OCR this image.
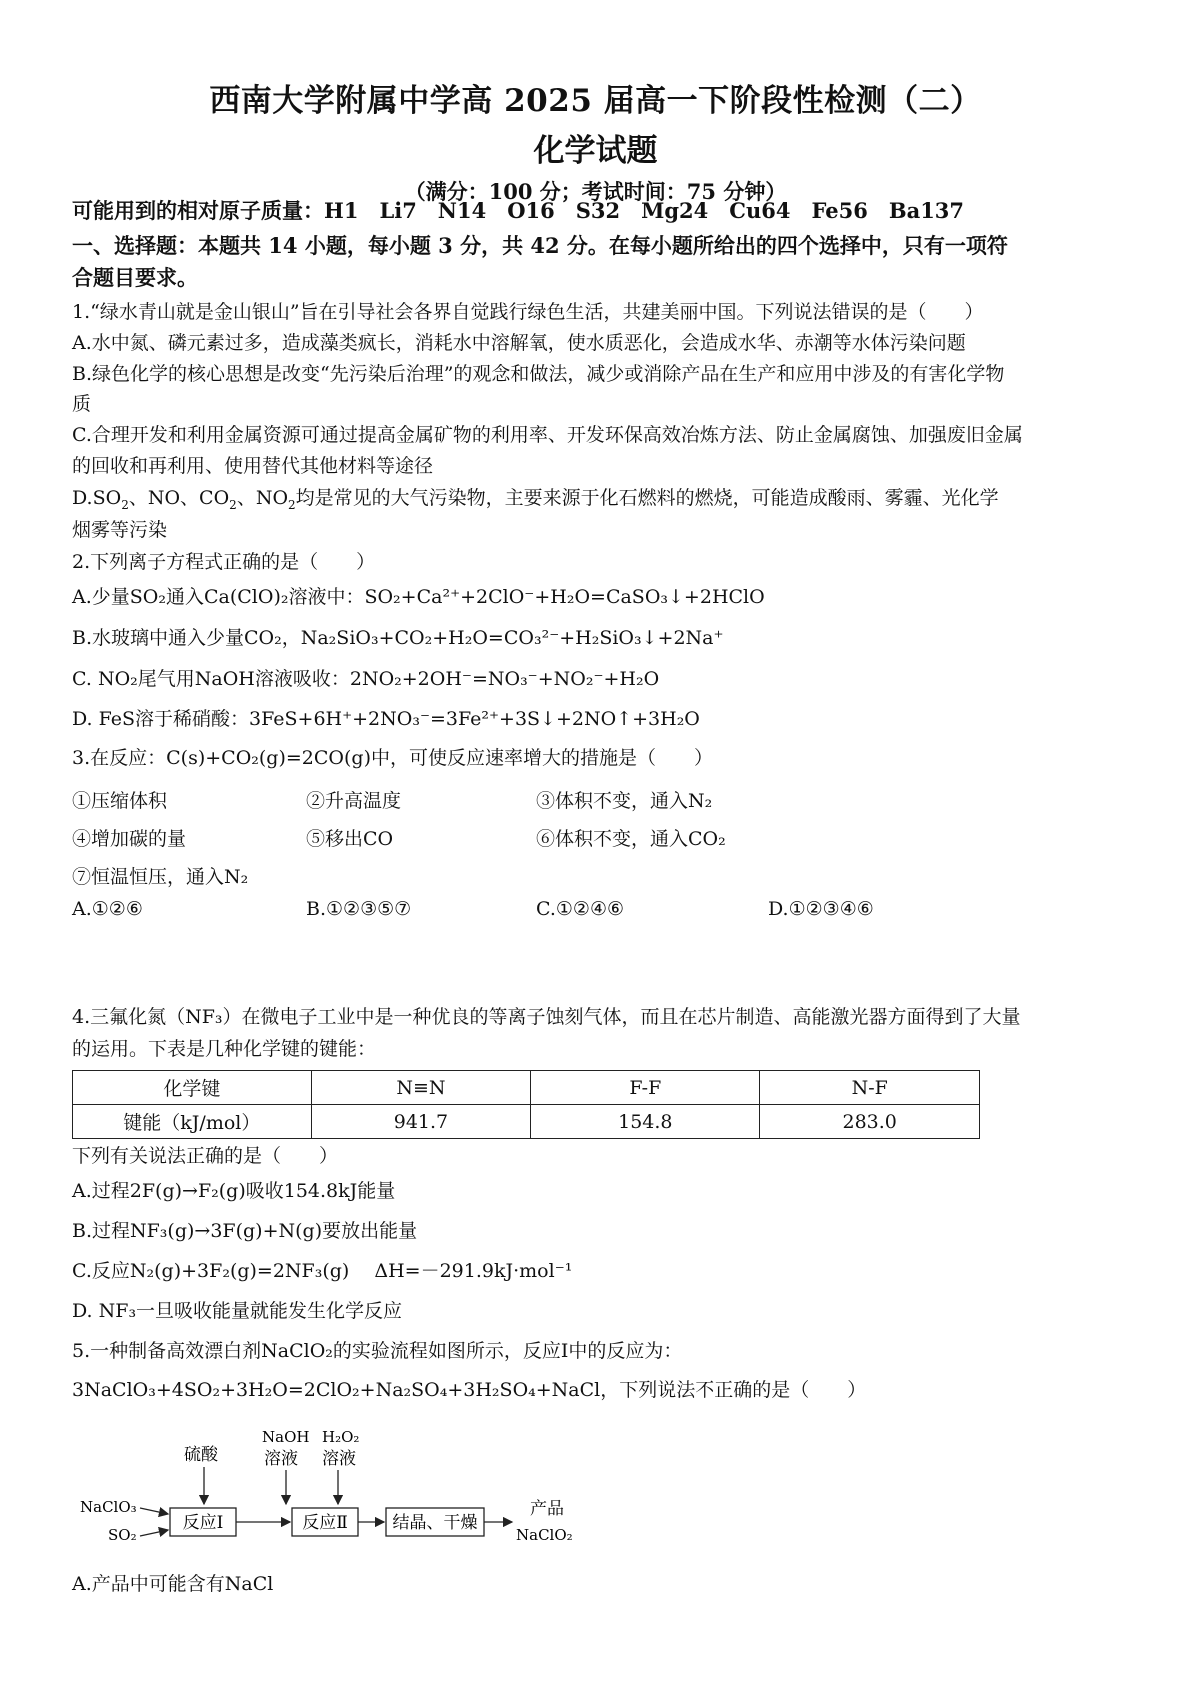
西南大学附属中学高 2025 届高一下阶段性检测（二）
化学试题
（满分：100 分；考试时间：75 分钟）
可能用到的相对原子质量：H1　Li7　N14　O16　S32　Mg24　Cu64　Fe56　Ba137
一、选择题：本题共 14 小题，每小题 3 分，共 42 分。在每小题所给出的四个选择中，只有一项符
合题目要求。
1.“绿水青山就是金山银山”旨在引导社会各界自觉践行绿色生活，共建美丽中国。下列说法错误的是（　　）
A.水中氮、磷元素过多，造成藻类疯长，消耗水中溶解氧，使水质恶化，会造成水华、赤潮等水体污染问题
B.绿色化学的核心思想是改变“先污染后治理”的观念和做法，减少或消除产品在生产和应用中涉及的有害化学物
质
C.合理开发和利用金属资源可通过提高金属矿物的利用率、开发环保高效冶炼方法、防止金属腐蚀、加强废旧金属
的回收和再利用、使用替代其他材料等途径
$D.SO_2$、NO、$CO_2$、$NO_2$均是常见的大气污染物，主要来源于化石燃料的燃烧，可能造成酸雨、雾霾、光化学
烟雾等污染
2.下列离子方程式正确的是（　　）
A.少量SO₂通入Ca(ClO)₂溶液中：SO₂+Ca²⁺+2ClO⁻+H₂O=CaSO₃↓+2HClO
B.水玻璃中通入少量CO₂，Na₂SiO₃+CO₂+H₂O=CO₃²⁻+H₂SiO₃↓+2Na⁺
C. NO₂尾气用NaOH溶液吸收：2NO₂+2OH⁻=NO₃⁻+NO₂⁻+H₂O
D. FeS溶于稀硝酸：3FeS+6H⁺+2NO₃⁻=3Fe²⁺+3S↓+2NO↑+3H₂O
3.在反应：C(s)+CO₂(g)=2CO(g)中，可使反应速率增大的措施是（　　）
①压缩体积	②升高温度	③体积不变，通入N₂
④增加碳的量	⑤移出CO	⑥体积不变，通入CO₂
⑦恒温恒压，通入N₂
A.①②⑥	B.①②③⑤⑦	C.①②④⑥	D.①②③④⑥
4.三氟化氮（NF₃）在微电子工业中是一种优良的等离子蚀刻气体，而且在芯片制造、高能激光器方面得到了大量
的运用。下表是几种化学键的键能：
化学键	N≡N	F-F	N-F
键能（kJ/mol）	941.7	154.8	283.0
下列有关说法正确的是（　　）
A.过程2F(g)→F₂(g)吸收154.8kJ能量
B.过程NF₃(g)→3F(g)+N(g)要放出能量
C.反应N₂(g)+3F₂(g)=2NF₃(g)　 ΔH=－291.9kJ·mol⁻¹
D. NF₃一旦吸收能量就能发生化学反应
5.一种制备高效漂白剂NaClO₂的实验流程如图所示，反应I中的反应为：
3NaClO₃+4SO₂+3H₂O=2ClO₂+Na₂SO₄+3H₂SO₄+NaCl，下列说法不正确的是（　　）
NaClO₃
SO₂
硫酸
反应Ⅰ
NaOH
溶液
H₂O₂
溶液
反应Ⅱ	结晶、干燥
产品
NaClO₂
A.产品中可能含有NaCl
